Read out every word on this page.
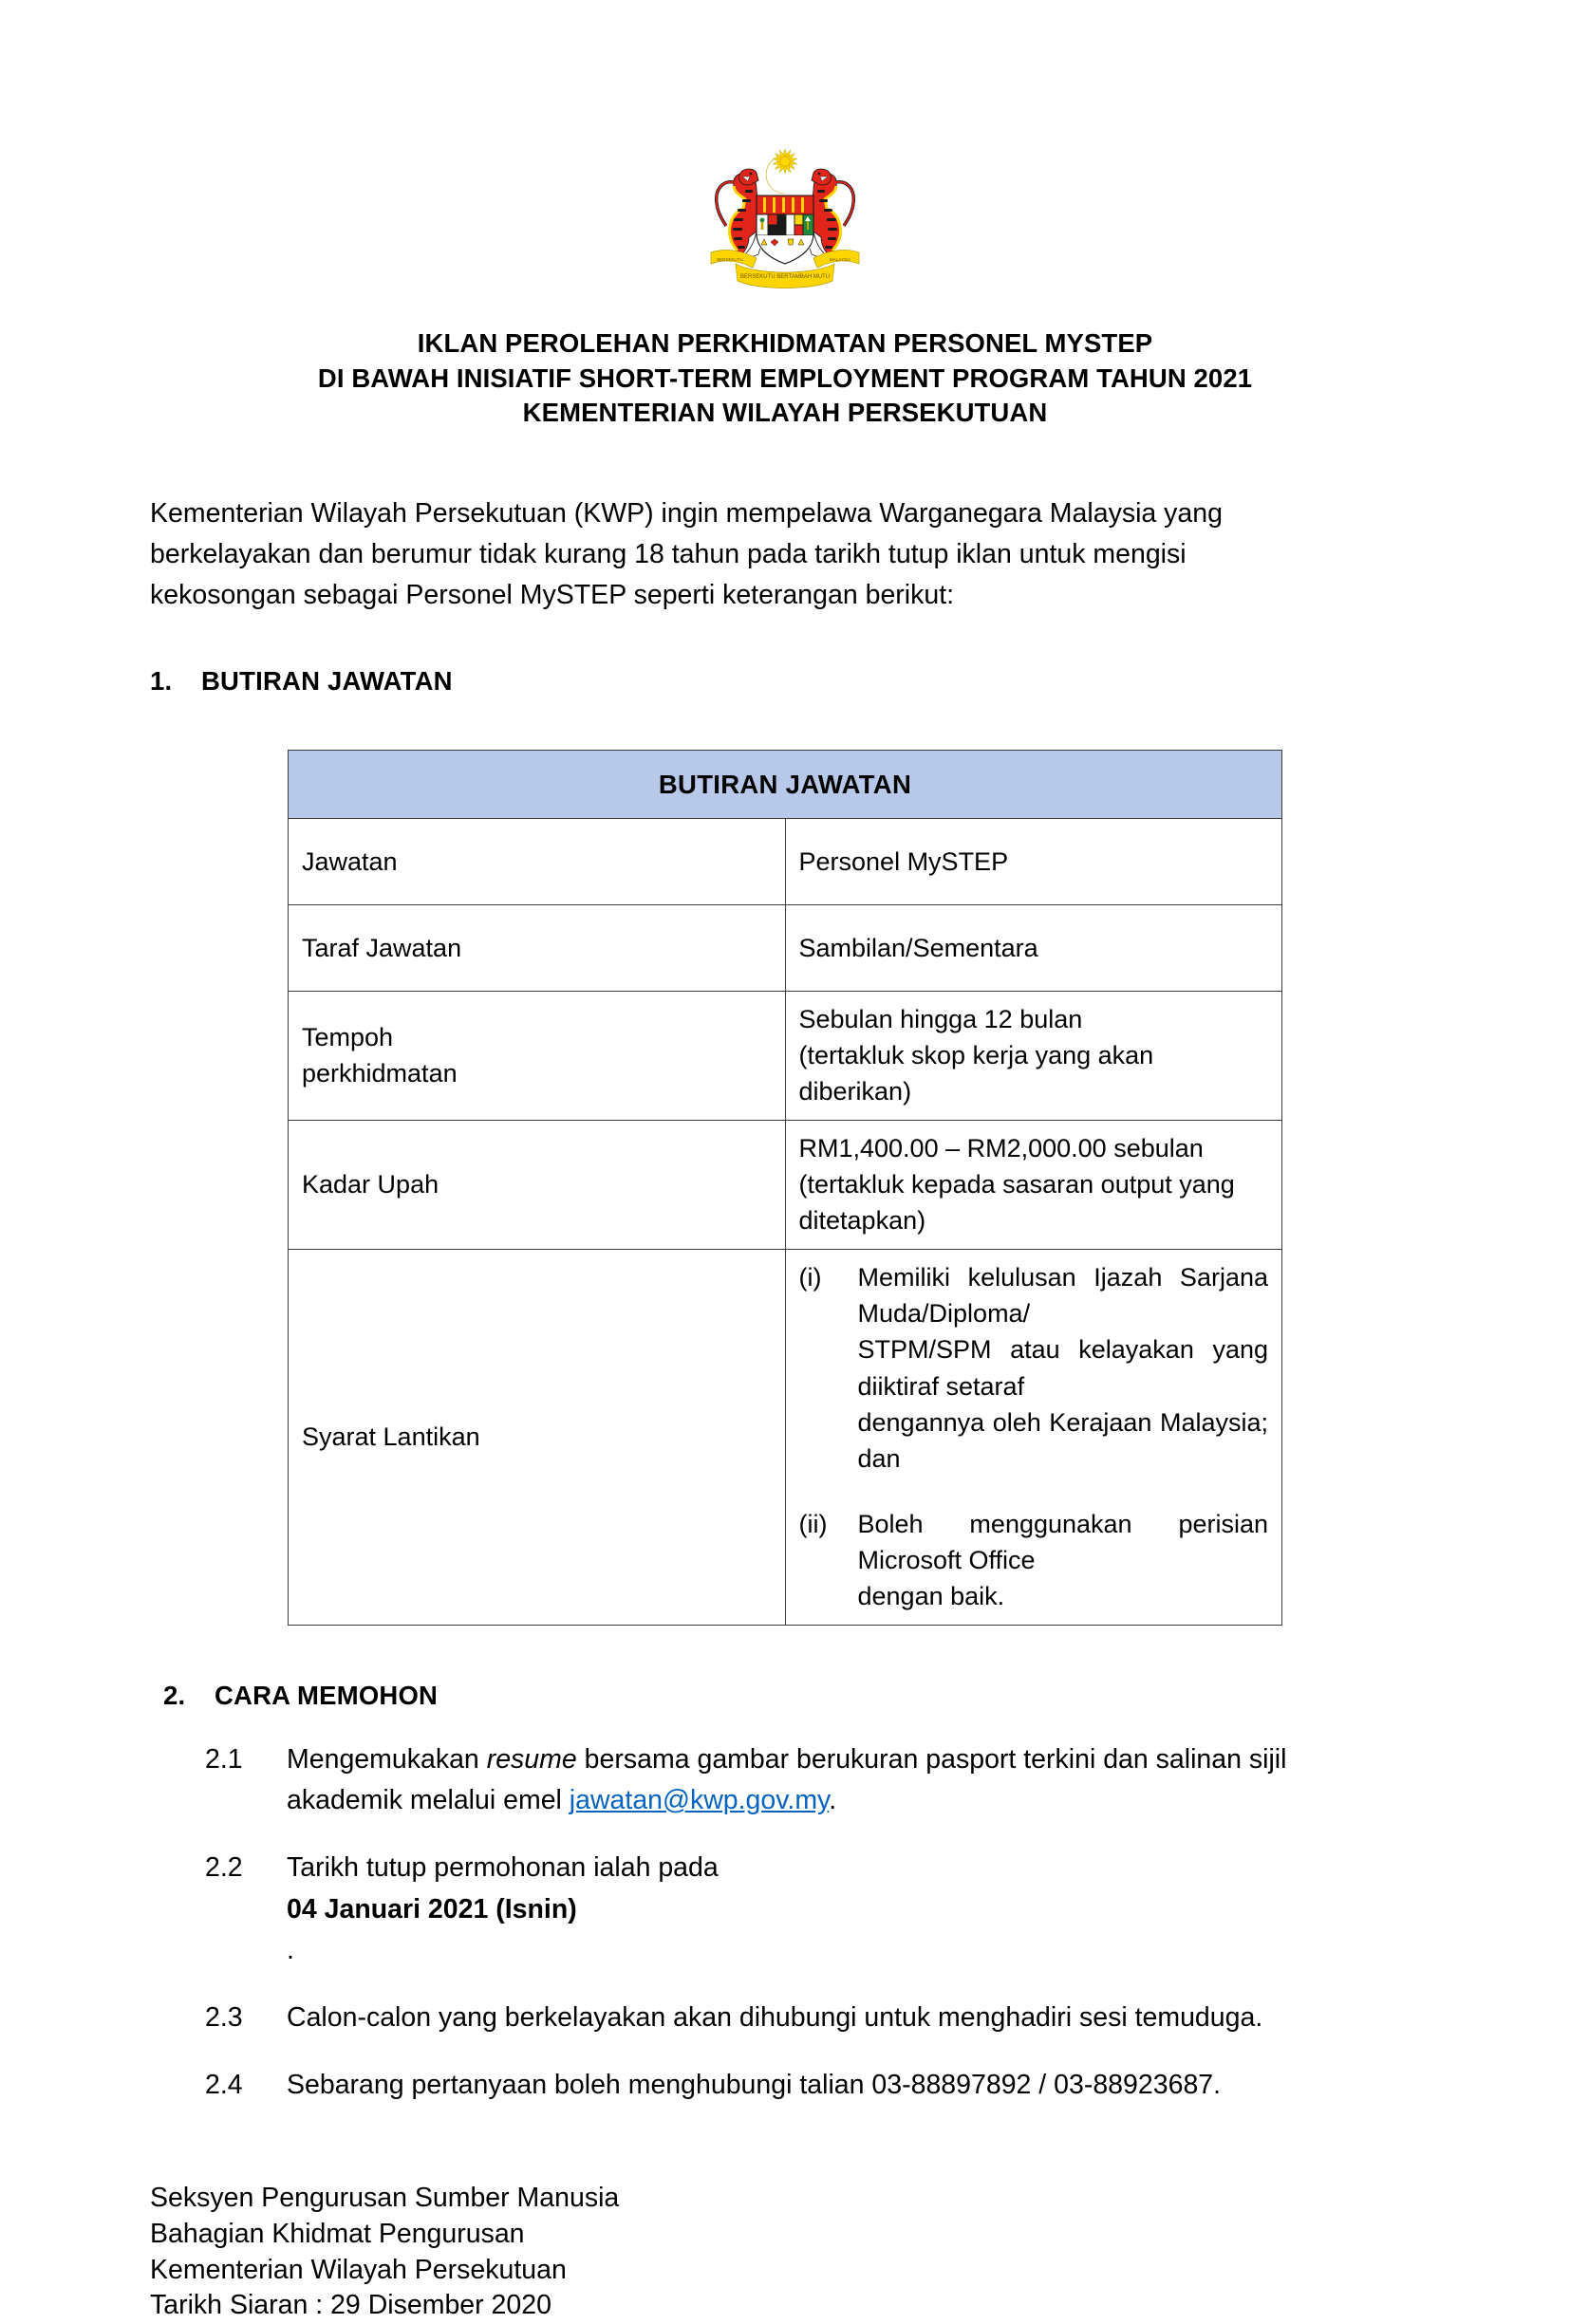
BERSEKUTU BERTAMBAH MUTU
BERSEKUTU	MALAYSIA
IKLAN PEROLEHAN PERKHIDMATAN PERSONEL MYSTEP
DI BAWAH INISIATIF SHORT-TERM EMPLOYMENT PROGRAM TAHUN 2021
KEMENTERIAN WILAYAH PERSEKUTUAN
Kementerian Wilayah Persekutuan (KWP) ingin mempelawa Warganegara Malaysia yang
berkelayakan dan berumur tidak kurang 18 tahun pada tarikh tutup iklan untuk mengisi
kekosongan sebagai Personel MySTEP seperti keterangan berikut:
1.	BUTIRAN JAWATAN
BUTIRAN JAWATAN	
Jawatan	Personel MySTEP
Taraf Jawatan	Sambilan/Sementara

Tempoh
perkhidmatan	Sebulan hingga 12 bulan
(tertakluk skop kerja yang akan diberikan)

Kadar Upah	RM1,400.00 – RM2,000.00 sebulan
(tertakluk kepada sasaran output yang ditetapkan)

Syarat Lantikan	
(i)	Memiliki kelulusan Ijazah Sarjana Muda/Diploma/
STPM/SPM atau kelayakan yang diiktiraf setaraf
dengannya oleh Kerajaan Malaysia; dan
(ii)	Boleh menggunakan perisian Microsoft Office
dengan baik.
2.	CARA MEMOHON
2.1	Mengemukakan resume bersama gambar berukuran pasport terkini dan salinan sijil
akademik melalui emel jawatan@kwp.gov.my.
2.2	Tarikh tutup permohonan ialah pada
04 Januari 2021 (Isnin)
.
2.3	Calon-calon yang berkelayakan akan dihubungi untuk menghadiri sesi temuduga.
2.4	Sebarang pertanyaan boleh menghubungi talian 03-88897892 / 03-88923687.
Seksyen Pengurusan Sumber Manusia
Bahagian Khidmat Pengurusan
Kementerian Wilayah Persekutuan
Tarikh Siaran : 29 Disember 2020
